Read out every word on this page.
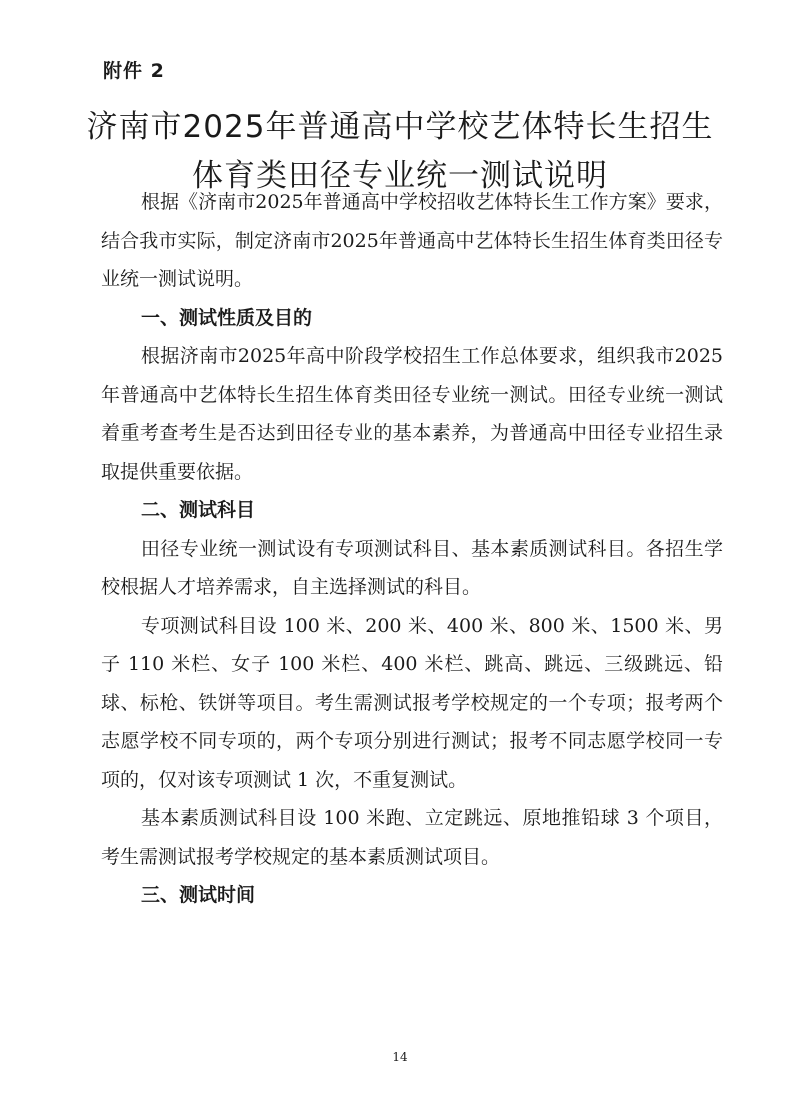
附件 2
济南市2025年普通高中学校艺体特长生招生
体育类田径专业统一测试说明

根据《济南市2025年普通高中学校招收艺体特长生工作方案》要求，结合我市实际，制定济南市2025年普通高中艺体特长生招生体育类田径专业统一测试说明。

一、测试性质及目的

根据济南市2025年高中阶段学校招生工作总体要求，组织我市2025年普通高中艺体特长生招生体育类田径专业统一测试。田径专业统一测试着重考查考生是否达到田径专业的基本素养，为普通高中田径专业招生录取提供重要依据。

二、测试科目

田径专业统一测试设有专项测试科目、基本素质测试科目。各招生学校根据人才培养需求，自主选择测试的科目。

专项测试科目设 100 米、200 米、400 米、800 米、1500 米、男子 110 米栏、女子 100 米栏、400 米栏、跳高、跳远、三级跳远、铅球、标枪、铁饼等项目。考生需测试报考学校规定的一个专项；报考两个志愿学校不同专项的，两个专项分别进行测试；报考不同志愿学校同一专项的，仅对该专项测试 1 次，不重复测试。

基本素质测试科目设 100 米跑、立定跳远、原地推铅球 3 个项目，考生需测试报考学校规定的基本素质测试项目。

三、测试时间

14
